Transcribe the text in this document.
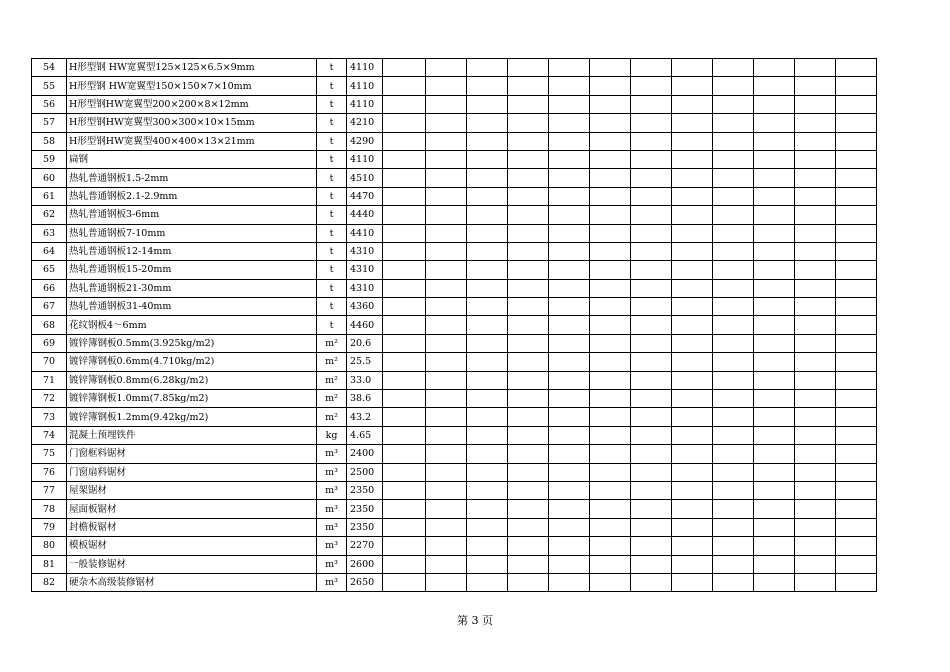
54	H形型钢 HW宽翼型125×125×6.5×9mm	t	4110												
55	H形型钢 HW宽翼型150×150×7×10mm	t	4110												
56	H形型钢HW宽翼型200×200×8×12mm	t	4110												
57	H形型钢HW宽翼型300×300×10×15mm	t	4210												
58	H形型钢HW宽翼型400×400×13×21mm	t	4290												
59	扁钢	t	4110												
60	热轧普通钢板1.5-2mm	t	4510												
61	热轧普通钢板2.1-2.9mm	t	4470												
62	热轧普通钢板3-6mm	t	4440												
63	热轧普通钢板7-10mm	t	4410												
64	热轧普通钢板12-14mm	t	4310												
65	热轧普通钢板15-20mm	t	4310												
66	热轧普通钢板21-30mm	t	4310												
67	热轧普通钢板31-40mm	t	4360												
68	花纹钢板4～6mm	t	4460												
69	镀锌簿钢板0.5mm(3.925kg/m2)	m²	20.6												
70	镀锌簿钢板0.6mm(4.710kg/m2)	m²	25.5												
71	镀锌簿钢板0.8mm(6.28kg/m2)	m²	33.0												
72	镀锌簿钢板1.0mm(7.85kg/m2)	m²	38.6												
73	镀锌簿钢板1.2mm(9.42kg/m2)	m²	43.2												
74	混凝土预埋铁件	kg	4.65												
75	门窗框料锯材	m³	2400												
76	门窗扇料锯材	m³	2500												
77	屋架锯材	m³	2350												
78	屋面板锯材	m³	2350												
79	封檐板锯材	m³	2350												
80	模板锯材	m³	2270												
81	一般装修锯材	m³	2600												
82	硬杂木高级装修锯材	m³	2650												
第 3 页
